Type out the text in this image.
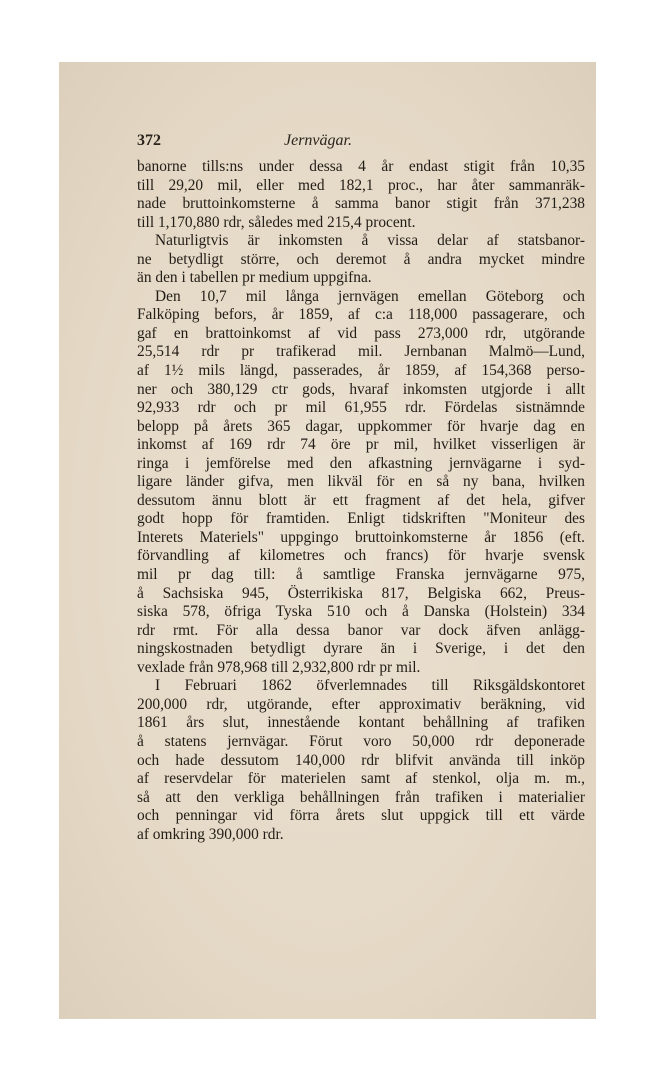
372	Jernvägar.
banorne tills:ns under dessa 4 år endast stigit från 10,35
till 29,20 mil, eller med 182,1 proc., har åter sammanräk-
nade bruttoinkomsterne å samma banor stigit från 371,238
till 1,170,880 rdr, således med 215,4 procent.
Naturligtvis är inkomsten å vissa delar af statsbanor-
ne betydligt större, och deremot å andra mycket mindre
än den i tabellen pr medium uppgifna.
Den 10,7 mil långa jernvägen emellan Göteborg och
Falköping befors, år 1859, af c:a 118,000 passagerare, och
gaf en brattoinkomst af vid pass 273,000 rdr, utgörande
25,514 rdr pr trafikerad mil. Jernbanan Malmö—Lund,
af 1½ mils längd, passerades, år 1859, af 154,368 perso-
ner och 380,129 ctr gods, hvaraf inkomsten utgjorde i allt
92,933 rdr och pr mil 61,955 rdr. Fördelas sistnämnde
belopp på årets 365 dagar, uppkommer för hvarje dag en
inkomst af 169 rdr 74 öre pr mil, hvilket visserligen är
ringa i jemförelse med den afkastning jernvägarne i syd-
ligare länder gifva, men likväl för en så ny bana, hvilken
dessutom ännu blott är ett fragment af det hela, gifver
godt hopp för framtiden. Enligt tidskriften "Moniteur des
Interets Materiels" uppgingo bruttoinkomsterne år 1856 (eft.
förvandling af kilometres och francs) för hvarje svensk
mil pr dag till: å samtlige Franska jernvägarne 975,
å Sachsiska 945, Österrikiska 817, Belgiska 662, Preus-
siska 578, öfriga Tyska 510 och å Danska (Holstein) 334
rdr rmt. För alla dessa banor var dock äfven anlägg-
ningskostnaden betydligt dyrare än i Sverige, i det den
vexlade från 978,968 till 2,932,800 rdr pr mil.
I Februari 1862 öfverlemnades till Riksgäldskontoret
200,000 rdr, utgörande, efter approximativ beräkning, vid
1861 års slut, innestående kontant behållning af trafiken
å statens jernvägar. Förut voro 50,000 rdr deponerade
och hade dessutom 140,000 rdr blifvit använda till inköp
af reservdelar för materielen samt af stenkol, olja m. m.,
så att den verkliga behållningen från trafiken i materialier
och penningar vid förra årets slut uppgick till ett värde
af omkring 390,000 rdr.
